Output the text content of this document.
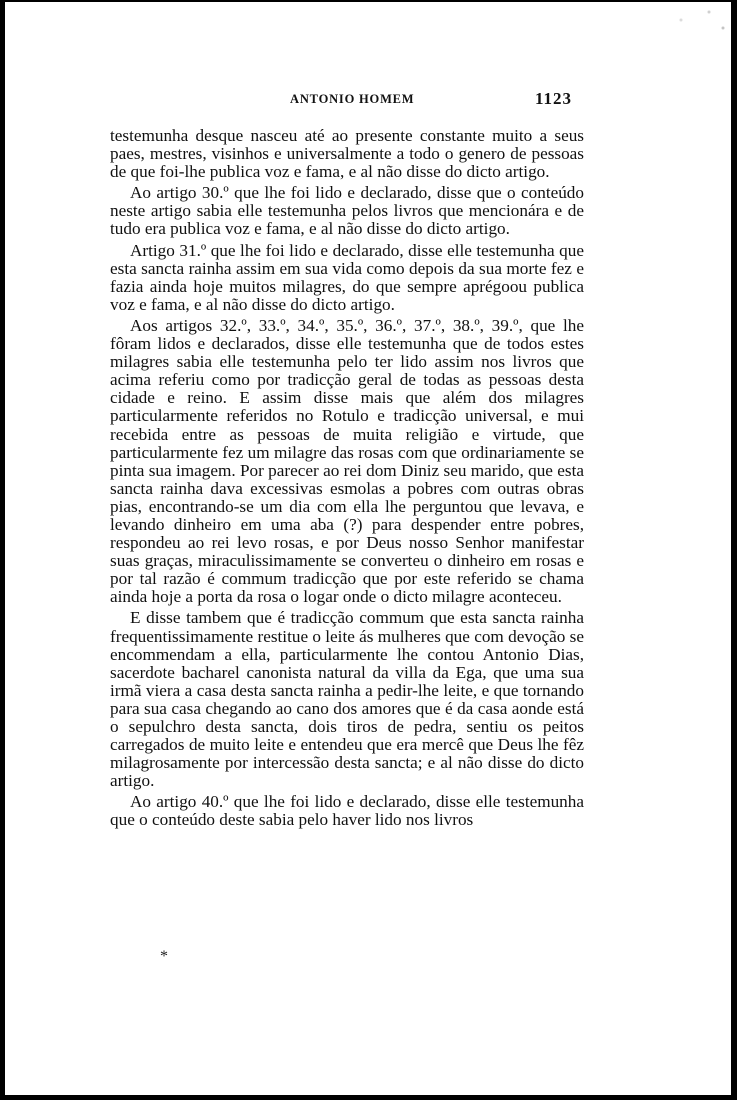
ANTONIO HOMEM	1123

testemunha desque nasceu até ao presente constante muito a seus paes, mestres, visinhos e universalmente a todo o genero de pessoas de que foi-lhe publica voz e fama, e al não disse do dicto artigo.

Ao artigo 30.º que lhe foi lido e declarado, disse que o conteúdo neste artigo sabia elle testemunha pelos livros que mencionára e de tudo era publica voz e fama, e al não disse do dicto artigo.

Artigo 31.º que lhe foi lido e declarado, disse elle testemunha que esta sancta rainha assim em sua vida como depois da sua morte fez e fazia ainda hoje muitos milagres, do que sempre aprégoou publica voz e fama, e al não disse do dicto artigo.

Aos artigos 32.º, 33.º, 34.º, 35.º, 36.º, 37.º, 38.º, 39.º, que lhe fôram lidos e declarados, disse elle testemunha que de todos estes milagres sabia elle testemunha pelo ter lido assim nos livros que acima referiu como por tradicção geral de todas as pessoas desta cidade e reino. E assim disse mais que além dos milagres particularmente referidos no Rotulo e tradicção universal, e mui recebida entre as pessoas de muita religião e virtude, que particularmente fez um milagre das rosas com que ordinariamente se pinta sua imagem. Por parecer ao rei dom Diniz seu marido, que esta sancta rainha dava excessivas esmolas a pobres com outras obras pias, encontrando-se um dia com ella lhe perguntou que levava, e levando dinheiro em uma aba (?) para despender entre pobres, respondeu ao rei levo rosas, e por Deus nosso Senhor manifestar suas graças, miraculissimamente se converteu o dinheiro em rosas e por tal razão é commum tradicção que por este referido se chama ainda hoje a porta da rosa o logar onde o dicto milagre aconteceu.

E disse tambem que é tradicção commum que esta sancta rainha frequentissimamente restitue o leite ás mulheres que com devoção se encommendam a ella, particularmente lhe contou Antonio Dias, sacerdote bacharel canonista natural da villa da Ega, que uma sua irmã viera a casa desta sancta rainha a pedir-lhe leite, e que tornando para sua casa chegando ao cano dos amores que é da casa aonde está o sepulchro desta sancta, dois tiros de pedra, sentiu os peitos carregados de muito leite e entendeu que era mercê que Deus lhe fêz milagrosamente por intercessão desta sancta; e al não disse do dicto artigo.

Ao artigo 40.º que lhe foi lido e declarado, disse elle testemunha que o conteúdo deste sabia pelo haver lido nos livros

*
